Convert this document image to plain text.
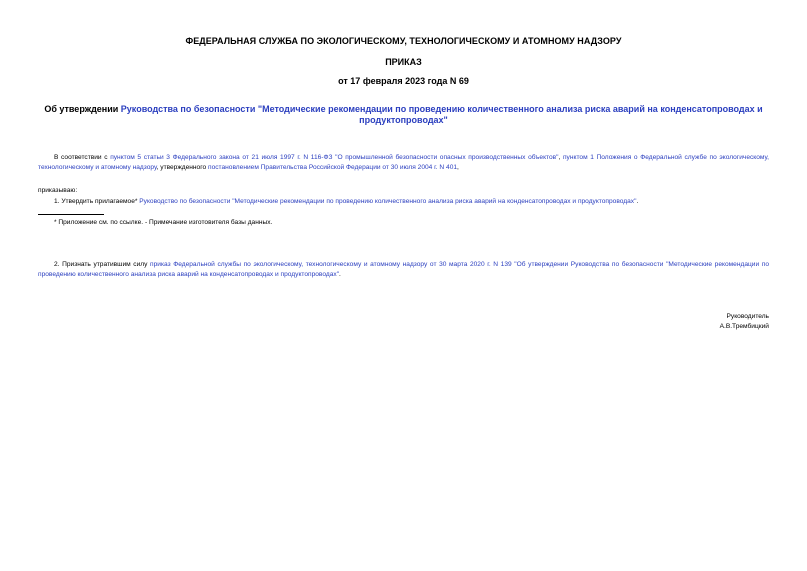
ФЕДЕРАЛЬНАЯ СЛУЖБА ПО ЭКОЛОГИЧЕСКОМУ, ТЕХНОЛОГИЧЕСКОМУ И АТОМНОМУ НАДЗОРУ
ПРИКАЗ
от 17 февраля 2023 года N 69
Об утверждении Руководства по безопасности "Методические рекомендации по проведению количественного анализа риска аварий на конденсатопроводах и продуктопроводах"
В соответствии с пунктом 5 статьи 3 Федерального закона от 21 июля 1997 г. N 116-ФЗ "О промышленной безопасности опасных производственных объектов", пунктом 1 Положения о Федеральной службе по экологическому, технологическому и атомному надзору, утвержденного постановлением Правительства Российской Федерации от 30 июля 2004 г. N 401,
приказываю:
1. Утвердить прилагаемое* Руководство по безопасности "Методические рекомендации по проведению количественного анализа риска аварий на конденсатопроводах и продуктопроводах".
* Приложение см. по ссылке. - Примечание изготовителя базы данных.
2. Признать утратившим силу приказ Федеральной службы по экологическому, технологическому и атомному надзору от 30 марта 2020 г. N 139 "Об утверждении Руководства по безопасности "Методические рекомендации по проведению количественного анализа риска аварий на конденсатопроводах и продуктопроводах".
Руководитель
А.В.Трембицкий
